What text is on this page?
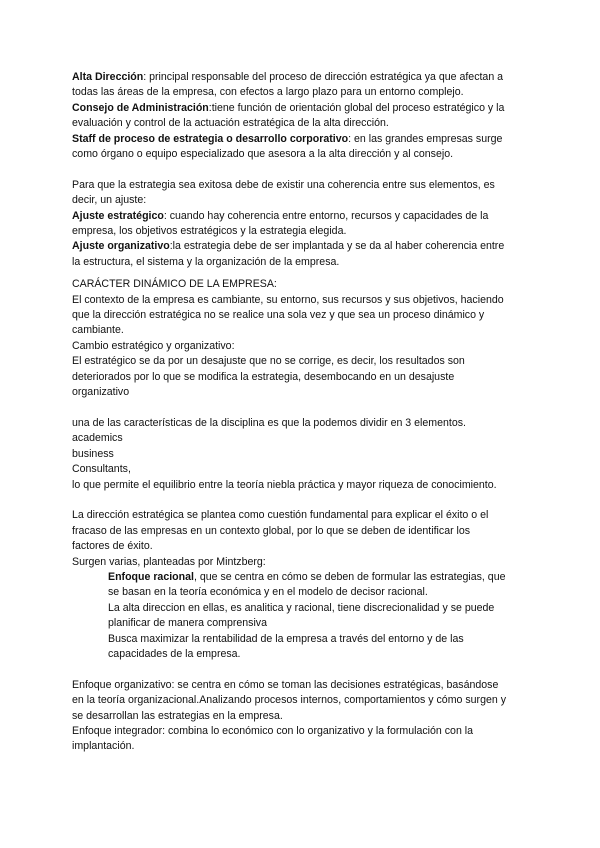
Alta Dirección: principal responsable del proceso de dirección estratégica ya que afectan a
todas las áreas de la empresa, con efectos a largo plazo para un entorno complejo.
Consejo de Administración:tiene función de orientación global del proceso estratégico y la
evaluación y control de la actuación estratégica de la alta dirección.
Staff de proceso de estrategia o desarrollo corporativo: en las grandes empresas surge
como órgano o equipo especializado que asesora a la alta dirección y al consejo.
Para que la estrategia sea exitosa debe de existir una coherencia entre sus elementos, es
decir, un ajuste:
Ajuste estratégico: cuando hay coherencia entre entorno, recursos y capacidades de la
empresa, los objetivos estratégicos y la estrategia elegida.
Ajuste organizativo:la estrategia debe de ser implantada y se da al haber coherencia entre
la estructura, el sistema y la organización de la empresa.
CARÁCTER DINÁMICO DE LA EMPRESA:
El contexto de la empresa es cambiante, su entorno, sus recursos y sus objetivos, haciendo
que la dirección estratégica no se realice una sola vez y que sea un proceso dinámico y
cambiante.
Cambio estratégico y organizativo:
El estratégico se da por un desajuste que no se corrige, es decir, los resultados son
deteriorados por lo que se modifica la estrategia, desembocando en un desajuste
organizativo
una de las características de la disciplina es que la podemos dividir en 3 elementos.
academics
business
Consultants,
lo que permite el equilibrio entre la teoría niebla práctica y mayor riqueza de conocimiento.
La dirección estratégica se plantea como cuestión fundamental para explicar el éxito o el
fracaso de las empresas en un contexto global, por lo que se deben de identificar los
factores de éxito.
Surgen varias, planteadas por Mintzberg:
Enfoque racional, que se centra en cómo se deben de formular las estrategias, que
se basan en la teoría económica y en el modelo de decisor racional.
La alta direccion en ellas, es analitica y racional, tiene discrecionalidad y se puede
planificar de manera comprensiva
Busca maximizar la rentabilidad de la empresa a través del entorno y de las
capacidades de la empresa.
Enfoque organizativo: se centra en cómo se toman las decisiones estratégicas, basándose
en la teoría organizacional.Analizando procesos internos, comportamientos y cómo surgen y
se desarrollan las estrategias en la empresa.
Enfoque integrador: combina lo económico con lo organizativo y la formulación con la
implantación.
